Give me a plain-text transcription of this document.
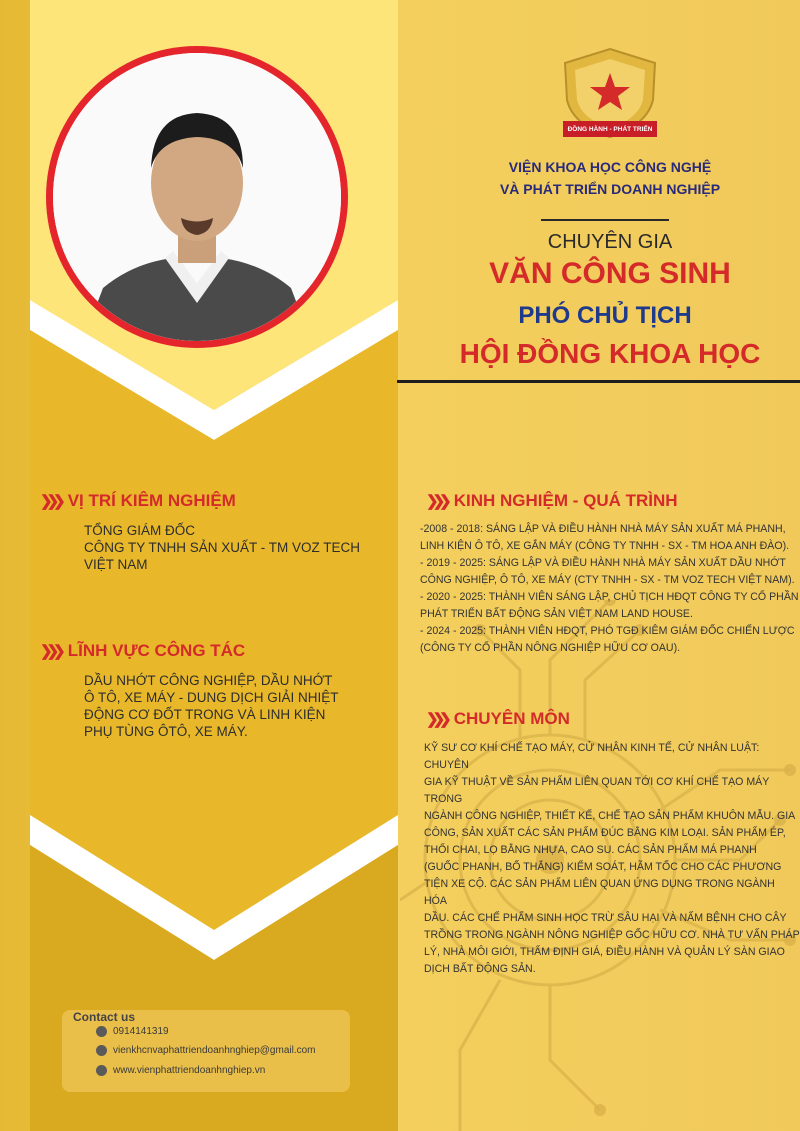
ĐỒNG HÀNH - PHÁT TRIỂN
VIỆN KHOA HỌC CÔNG NGHỆ
VÀ PHÁT TRIỂN DOANH NGHIỆP
CHUYÊN GIA
VĂN CÔNG SINH
PHÓ CHỦ TỊCH
HỘI ĐỒNG KHOA HỌC
❯❯❯ VỊ TRÍ KIÊM NGHIỆM
TỔNG GIÁM ĐỐC
CÔNG TY TNHH SẢN XUẤT - TM VOZ TECH
VIỆT NAM
❯❯❯ LĨNH VỰC CÔNG TÁC
DẦU NHỚT CÔNG NGHIỆP, DẦU NHỚT
Ô TÔ, XE MÁY - DUNG DỊCH GIẢI NHIỆT
ĐỘNG CƠ ĐỐT TRONG VÀ LINH KIỆN
PHỤ TÙNG ÔTÔ, XE MÁY.
❯❯❯ KINH NGHIỆM - QUÁ TRÌNH
-2008 - 2018: SÁNG LẬP VÀ ĐIỀU HÀNH NHÀ MÁY SẢN XUẤT MÁ PHANH,
LINH KIỆN Ô TÔ, XE GẮN MÁY (CÔNG TY TNHH - SX - TM HOA ANH ĐÀO).
- 2019 - 2025: SÁNG LẬP VÀ ĐIỀU HÀNH NHÀ MÁY SẢN XUẤT DẦU NHỚT
CÔNG NGHIỆP, Ô TÔ, XE MÁY (CTY TNHH - SX - TM VOZ TECH VIỆT NAM).
- 2020 - 2025: THÀNH VIÊN SÁNG LẬP, CHỦ TỊCH HĐQT CÔNG TY CỔ PHẦN
PHÁT TRIỂN BẤT ĐỘNG SẢN VIỆT NAM LAND HOUSE.
- 2024 - 2025: THÀNH VIÊN HĐQT, PHÓ TGĐ KIÊM GIÁM ĐỐC CHIẾN LƯỢC
(CÔNG TY CỔ PHẦN NÔNG NGHIỆP HỮU CƠ OAU).
❯❯❯ CHUYÊN MÔN
KỸ SƯ CƠ KHÍ CHẾ TẠO MÁY, CỬ NHÂN KINH TẾ, CỬ NHÂN LUẬT: CHUYÊN
GIA KỸ THUẬT VỀ SẢN PHẨM LIÊN QUAN TỚI CƠ KHÍ CHẾ TẠO MÁY TRONG
NGÀNH CÔNG NGHIỆP, THIẾT KẾ, CHẾ TẠO SẢN PHẨM KHUÔN MẪU. GIA
CÔNG, SẢN XUẤT CÁC SẢN PHẨM ĐÚC BẰNG KIM LOẠI. SẢN PHẨM ÉP,
THỔI CHAI, LỌ BẰNG NHỰA, CAO SU. CÁC SẢN PHẨM MÁ PHANH
(GUỐC PHANH, BỐ THẮNG) KIỂM SOÁT, HÃM TỐC CHO CÁC PHƯƠNG
TIỆN XE CỘ. CÁC SẢN PHẨM LIÊN QUAN ỨNG DỤNG TRONG NGÀNH HÓA
DẦU. CÁC CHẾ PHẨM SINH HỌC TRỪ SÂU HẠI VÀ NẤM BỆNH CHO CÂY
TRỒNG TRONG NGÀNH NÔNG NGHIỆP GỐC HỮU CƠ. NHÀ TƯ VẤN PHÁP
LÝ, NHÀ MÔI GIỚI, THẨM ĐỊNH GIÁ, ĐIỀU HÀNH VÀ QUẢN LÝ SÀN GIAO
DỊCH BẤT ĐỘNG SẢN.
Contact us
0914141319
vienkhcnvaphattriendoanhnghiep@gmail.com
www.vienphattriendoanhnghiep.vn
